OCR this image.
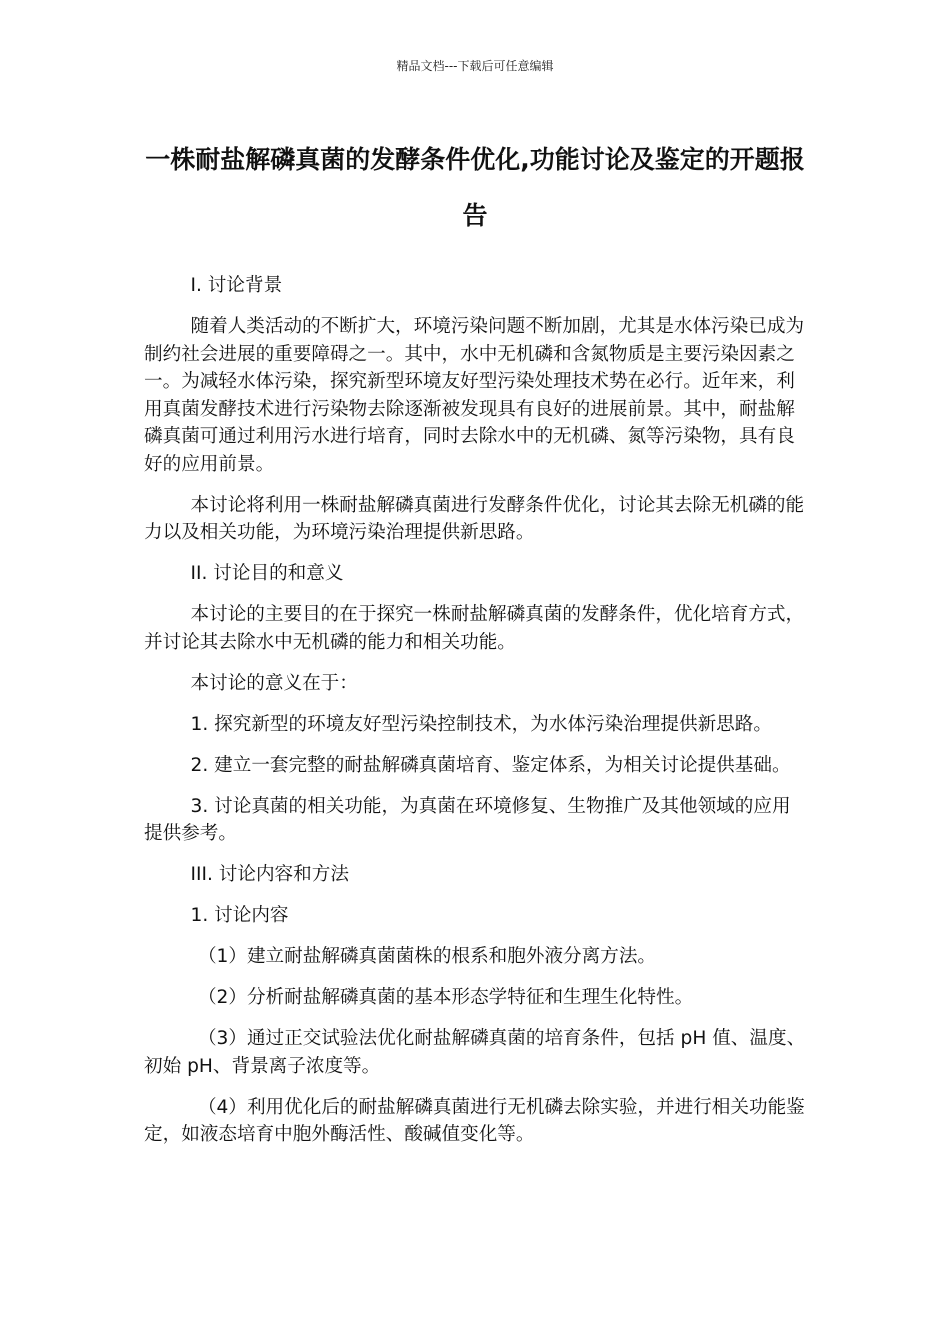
精品文档---下载后可任意编辑
一株耐盐解磷真菌的发酵条件优化,功能讨论及鉴定的开题报告

I. 讨论背景

随着人类活动的不断扩大，环境污染问题不断加剧，尤其是水体污染已成为制约社会进展的重要障碍之一。其中，水中无机磷和含氮物质是主要污染因素之一。为减轻水体污染，探究新型环境友好型污染处理技术势在必行。近年来，利用真菌发酵技术进行污染物去除逐渐被发现具有良好的进展前景。其中，耐盐解磷真菌可通过利用污水进行培育，同时去除水中的无机磷、氮等污染物，具有良好的应用前景。

本讨论将利用一株耐盐解磷真菌进行发酵条件优化，讨论其去除无机磷的能力以及相关功能，为环境污染治理提供新思路。

II. 讨论目的和意义

本讨论的主要目的在于探究一株耐盐解磷真菌的发酵条件，优化培育方式，并讨论其去除水中无机磷的能力和相关功能。

本讨论的意义在于：

1. 探究新型的环境友好型污染控制技术，为水体污染治理提供新思路。

2. 建立一套完整的耐盐解磷真菌培育、鉴定体系，为相关讨论提供基础。

3. 讨论真菌的相关功能，为真菌在环境修复、生物推广及其他领域的应用提供参考。

III. 讨论内容和方法

1. 讨论内容

（1）建立耐盐解磷真菌菌株的根系和胞外液分离方法。

（2）分析耐盐解磷真菌的基本形态学特征和生理生化特性。

（3）通过正交试验法优化耐盐解磷真菌的培育条件，包括 pH 值、温度、初始 pH、背景离子浓度等。

（4）利用优化后的耐盐解磷真菌进行无机磷去除实验，并进行相关功能鉴定，如液态培育中胞外酶活性、酸碱值变化等。
